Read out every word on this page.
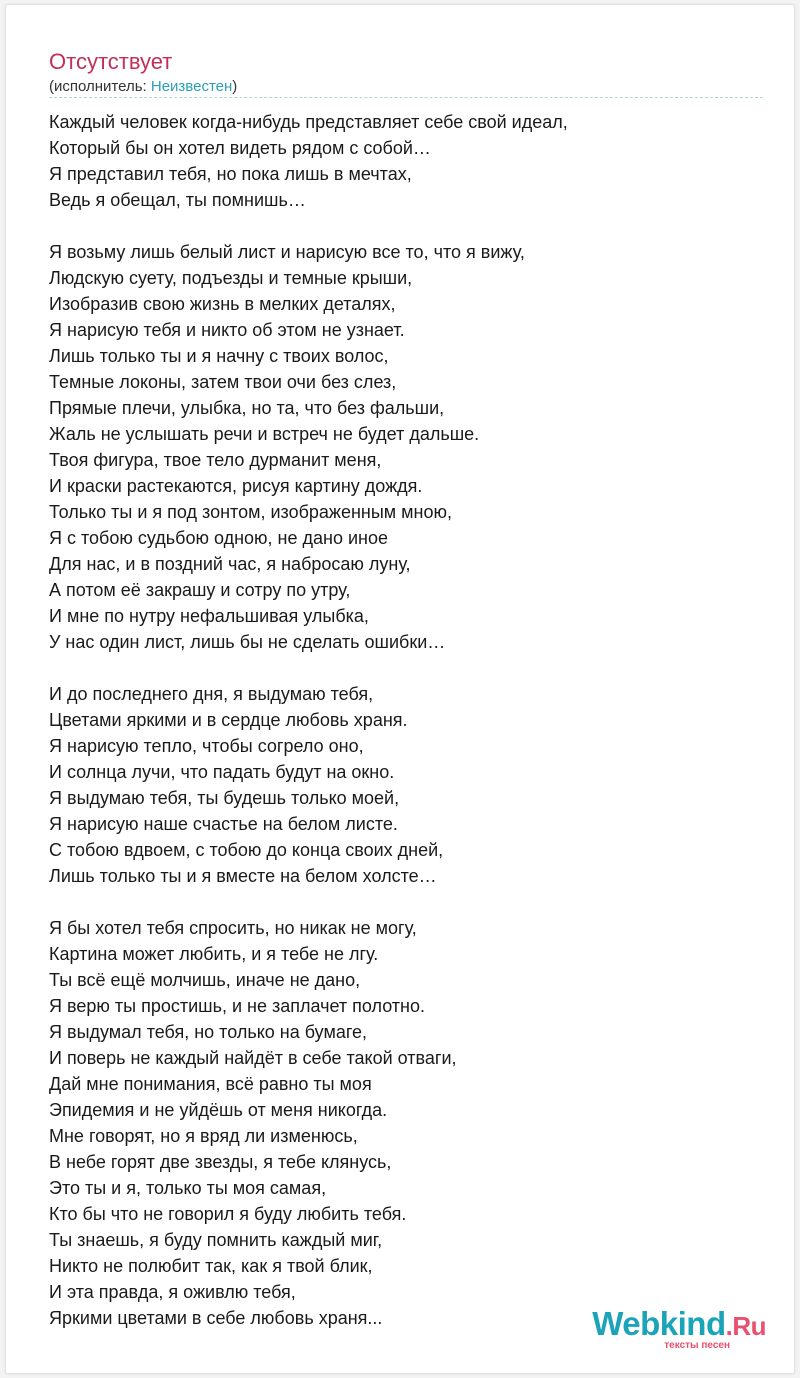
Отсутствует
(исполнитель: Неизвестен)
Каждый человек когда-нибудь представляет себе свой идеал,
Который бы он хотел видеть рядом с собой…
Я представил тебя, но пока лишь в мечтах,
Ведь я обещал, ты помнишь…
Я возьму лишь белый лист и нарисую все то, что я вижу,
Людскую суету, подъезды и темные крыши,
Изобразив свою жизнь в мелких деталях,
Я нарисую тебя и никто об этом не узнает.
Лишь только ты и я начну с твоих волос,
Темные локоны, затем твои очи без слез,
Прямые плечи, улыбка, но та, что без фальши,
Жаль не услышать речи и встреч не будет дальше.
Твоя фигура, твое тело дурманит меня,
И краски растекаются, рисуя картину дождя.
Только ты и я под зонтом, изображенным мною,
Я с тобою судьбою одною, не дано иное
Для нас, и в поздний час, я набросаю луну,
А потом её закрашу и сотру по утру,
И мне по нутру нефальшивая улыбка,
У нас один лист, лишь бы не сделать ошибки…
И до последнего дня, я выдумаю тебя,
Цветами яркими и в сердце любовь храня.
Я нарисую тепло, чтобы согрело оно,
И солнца лучи, что падать будут на окно.
Я выдумаю тебя, ты будешь только моей,
Я нарисую наше счастье на белом листе.
С тобою вдвоем, с тобою до конца своих дней,
Лишь только ты и я вместе на белом холсте…
Я бы хотел тебя спросить, но никак не могу,
Картина может любить, и я тебе не лгу.
Ты всё ещё молчишь, иначе не дано,
Я верю ты простишь, и не заплачет полотно.
Я выдумал тебя, но только на бумаге,
И поверь не каждый найдёт в себе такой отваги,
Дай мне понимания, всё равно ты моя
Эпидемия и не уйдёшь от меня никогда.
Мне говорят, но я вряд ли изменюсь,
В небе горят две звезды, я тебе клянусь,
Это ты и я, только ты моя самая,
Кто бы что не говорил я буду любить тебя.
Ты знаешь, я буду помнить каждый миг,
Никто не полюбит так, как я твой блик,
И эта правда, я оживлю тебя,
Яркими цветами в себе любовь храня...	Webkind.Ru
тексты песен
